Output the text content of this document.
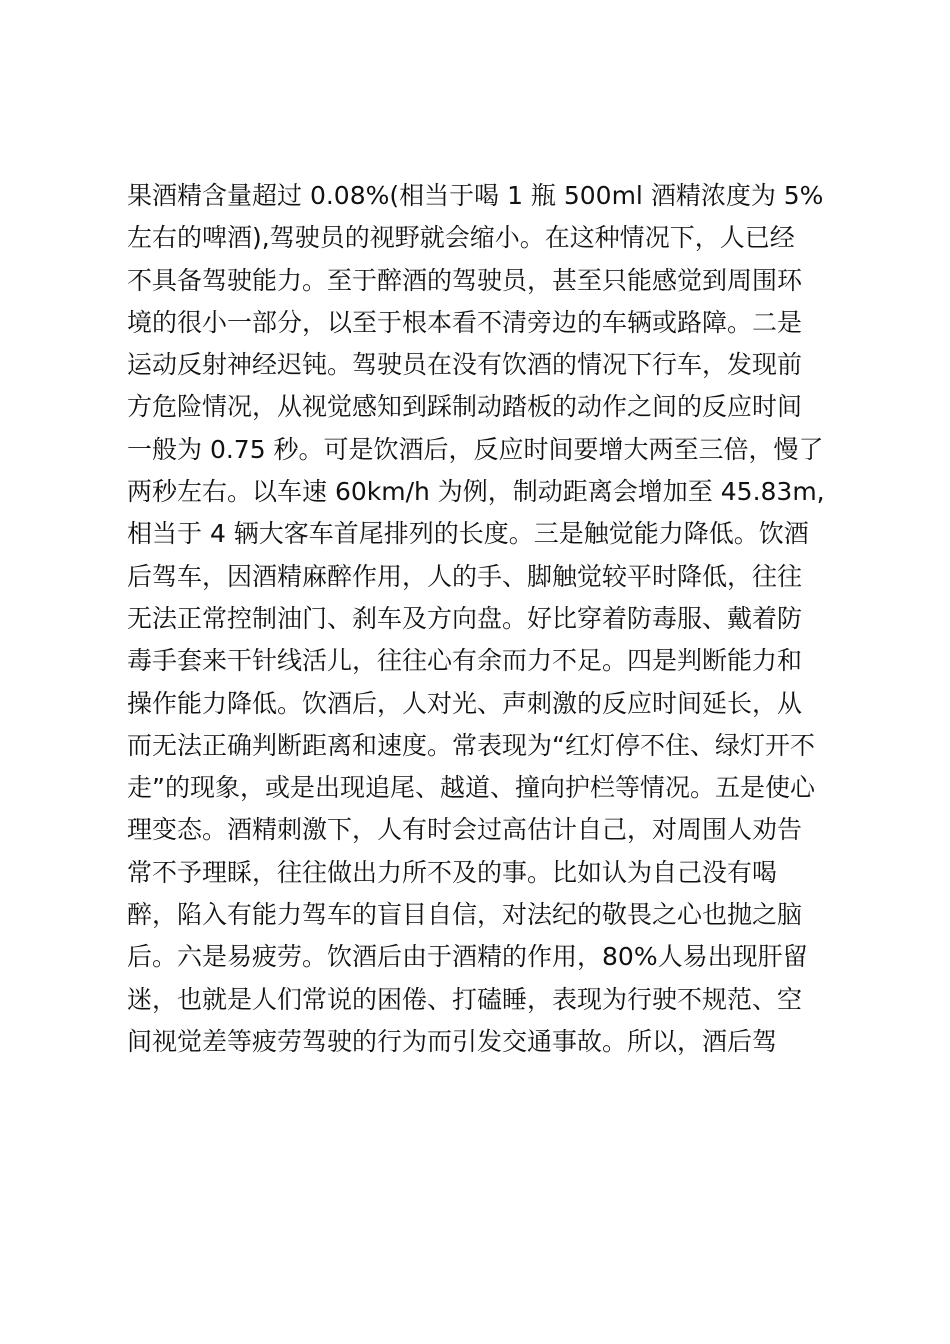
果酒精含量超过 0.08%(相当于喝 1 瓶 500ml 酒精浓度为 5%
左右的啤酒),驾驶员的视野就会缩小。在这种情况下，人已经
不具备驾驶能力。至于醉酒的驾驶员，甚至只能感觉到周围环
境的很小一部分，以至于根本看不清旁边的车辆或路障。二是
运动反射神经迟钝。驾驶员在没有饮酒的情况下行车，发现前
方危险情况，从视觉感知到踩制动踏板的动作之间的反应时间
一般为 0.75 秒。可是饮酒后，反应时间要增大两至三倍，慢了
两秒左右。以车速 60km/h 为例，制动距离会增加至 45.83m,
相当于 4 辆大客车首尾排列的长度。三是触觉能力降低。饮酒
后驾车，因酒精麻醉作用，人的手、脚触觉较平时降低，往往
无法正常控制油门、刹车及方向盘。好比穿着防毒服、戴着防
毒手套来干针线活儿，往往心有余而力不足。四是判断能力和
操作能力降低。饮酒后，人对光、声刺激的反应时间延长，从
而无法正确判断距离和速度。常表现为“红灯停不住、绿灯开不
走”的现象，或是出现追尾、越道、撞向护栏等情况。五是使心
理变态。酒精刺激下，人有时会过高估计自己，对周围人劝告
常不予理睬，往往做出力所不及的事。比如认为自己没有喝
醉，陷入有能力驾车的盲目自信，对法纪的敬畏之心也抛之脑
后。六是易疲劳。饮酒后由于酒精的作用，80%人易出现肝留
迷，也就是人们常说的困倦、打磕睡，表现为行驶不规范、空
间视觉差等疲劳驾驶的行为而引发交通事故。所以，酒后驾
